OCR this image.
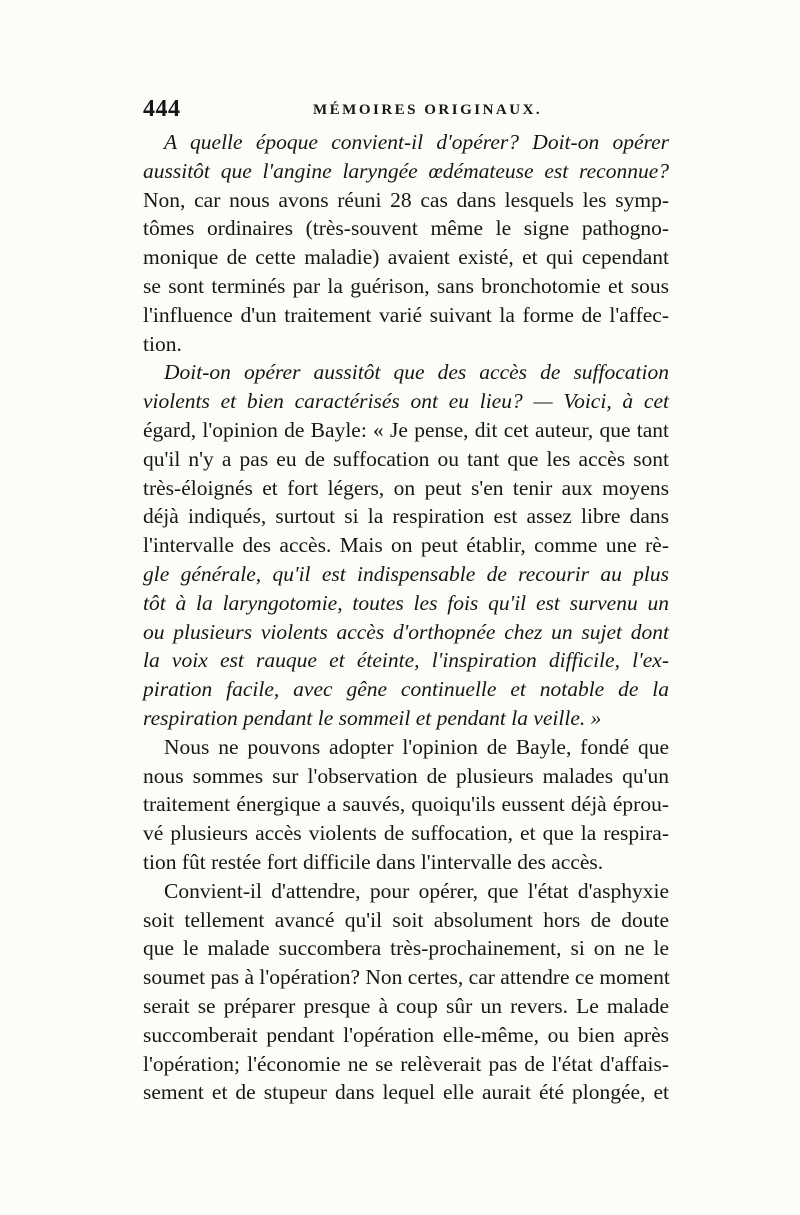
444	MÉMOIRES ORIGINAUX.
A quelle époque convient-il d'opérer? Doit-on opérer
aussitôt que l'angine laryngée œdémateuse est reconnue?
Non, car nous avons réuni 28 cas dans lesquels les symp-
tômes ordinaires (très-souvent même le signe pathogno-
monique de cette maladie) avaient existé, et qui cependant
se sont terminés par la guérison, sans bronchotomie et sous
l'influence d'un traitement varié suivant la forme de l'affec-
tion.
Doit-on opérer aussitôt que des accès de suffocation
violents et bien caractérisés ont eu lieu? — Voici, à cet
égard, l'opinion de Bayle: « Je pense, dit cet auteur, que tant
qu'il n'y a pas eu de suffocation ou tant que les accès sont
très-éloignés et fort légers, on peut s'en tenir aux moyens
déjà indiqués, surtout si la respiration est assez libre dans
l'intervalle des accès. Mais on peut établir, comme une rè-
gle générale, qu'il est indispensable de recourir au plus
tôt à la laryngotomie, toutes les fois qu'il est survenu un
ou plusieurs violents accès d'orthopnée chez un sujet dont
la voix est rauque et éteinte, l'inspiration difficile, l'ex-
piration facile, avec gêne continuelle et notable de la
respiration pendant le sommeil et pendant la veille. »
Nous ne pouvons adopter l'opinion de Bayle, fondé que
nous sommes sur l'observation de plusieurs malades qu'un
traitement énergique a sauvés, quoiqu'ils eussent déjà éprou-
vé plusieurs accès violents de suffocation, et que la respira-
tion fût restée fort difficile dans l'intervalle des accès.
Convient-il d'attendre, pour opérer, que l'état d'asphyxie
soit tellement avancé qu'il soit absolument hors de doute
que le malade succombera très-prochainement, si on ne le
soumet pas à l'opération? Non certes, car attendre ce moment
serait se préparer presque à coup sûr un revers. Le malade
succomberait pendant l'opération elle-même, ou bien après
l'opération; l'économie ne se relèverait pas de l'état d'affais-
sement et de stupeur dans lequel elle aurait été plongée, et
